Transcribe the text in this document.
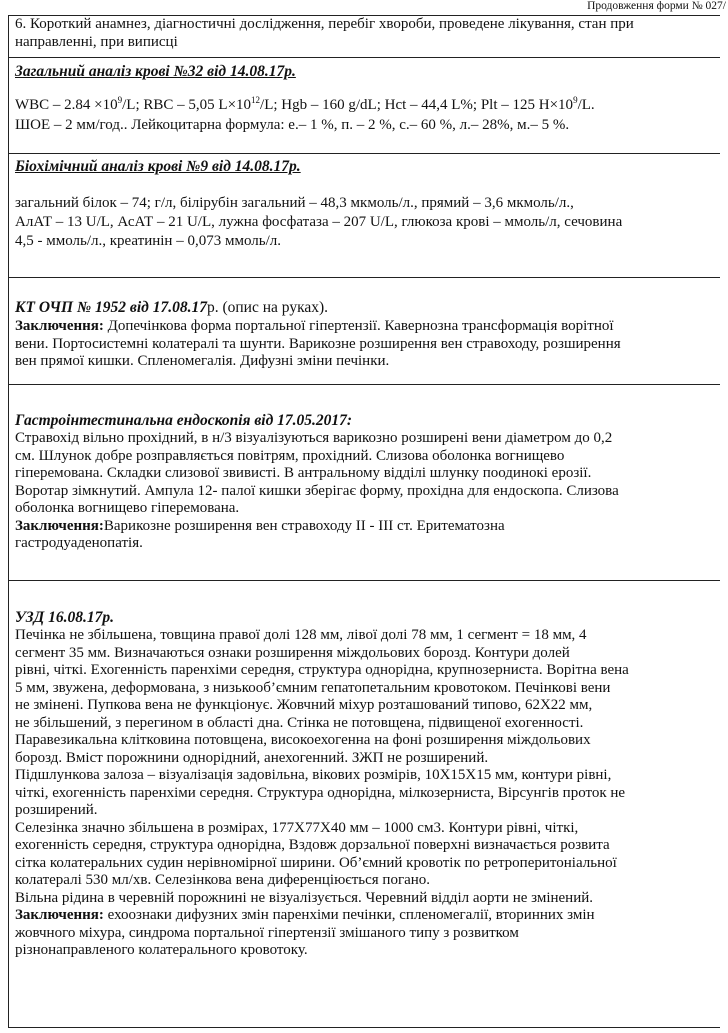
Продовження форми № 027/
6. Короткий анамнез, діагностичні дослідження, перебіг хвороби, проведене лікування, стан при
направленні, при виписці
Загальний аналіз крові №32 від 14.08.17р.
WBC – $2.84 \times 10^9/L$; RBC – 5,05 $L\times 10^{12}/L$; Hgb – 160 g/dL; Hct – 44,4 L%; Plt – 125 $H\times 10^9/L$.
ШОЕ – 2 мм/год.. Лейкоцитарна формула: е.– 1 %, п. – 2 %, с.– 60 %, л.– 28%, м.– 5 %.
Біохімічний аналіз крові №9 від 14.08.17р.
загальний білок – 74; г/л, білірубін загальний – 48,3 мкмоль/л., прямий – 3,6 мкмоль/л.,
АлАТ – 13 U/L, АсАТ – 21 U/L, лужна фосфатаза – 207 U/L, глюкоза крові – ммоль/л, сечовина
4,5 - ммоль/л., креатинін – 0,073 ммоль/л.
КТ ОЧП № 1952 від 17.08.17р. (опис на руках).
Заключення: Допечінкова форма портальної гіпертензії. Кавернозна трансформація ворітної
вени. Портосистемні колатералі та шунти. Варикозне розширення вен стравоходу, розширення
вен прямої кишки. Спленомегалія. Дифузні зміни печінки.
Гастроінтестинальна ендоскопія від 17.05.2017:
Стравохід вільно прохідний, в н/3 візуалізуються варикозно розширені вени діаметром до 0,2
см. Шлунок добре розправляється повітрям, прохідний. Слизова оболонка вогнищево
гіперемована. Складки слизової звивисті. В антральному відділі шлунку поодинокі ерозії.
Воротар зімкнутий. Ампула 12- палої кишки зберігає форму, прохідна для ендоскопа. Слизова
оболонка вогнищево гіперемована.
Заключення:Варикозне розширення вен стравоходу II - III ст. Еритематозна
гастродуаденопатія.
УЗД 16.08.17р.
Печінка не збільшена, товщина правої долі 128 мм, лівої долі 78 мм, 1 сегмент = 18 мм, 4
сегмент 35 мм. Визначаються ознаки розширення міждольових борозд. Контури долей
рівні, чіткі. Ехогенність паренхіми середня, структура однорідна, крупнозерниста. Ворітна вена
5 мм, звужена, деформована, з низькооб’ємним гепатопетальним кровотоком. Печінкові вени
не змінені. Пупкова вена не функціонує. Жовчний міхур розташований типово, 62Х22 мм,
не збільшений, з перегином в області дна. Стінка не потовщена, підвищеної ехогенності.
Паравезикальна клітковина потовщена, високоехогенна на фоні розширення міждольових
борозд. Вміст порожнини однорідний, анехогенний. ЗЖП не розширений.
Підшлункова залоза – візуалізація задовільна, вікових розмірів, 10Х15Х15 мм, контури рівні,
чіткі, ехогенність паренхіми середня. Структура однорідна, мілкозерниста, Вірсунгів проток не
розширений.
Селезінка значно збільшена в розмірах, 177Х77Х40 мм – 1000 см3. Контури рівні, чіткі,
ехогенність середня, структура однорідна, Вздовж дорзальної поверхні визначається розвита
сітка колатеральних судин нерівномірної ширини. Об’ємний кровотік по ретроперитоніальної
колатералі 530 мл/хв. Селезінкова вена диференціюється погано.
Вільна рідина в черевній порожнині не візуалізується. Черевний відділ аорти не змінений.
Заключення: ехоознаки дифузних змін паренхіми печінки, спленомегалії, вторинних змін
жовчного міхура, синдрома портальної гіпертензії змішаного типу з розвитком
різнонаправленого колатерального кровотоку.
